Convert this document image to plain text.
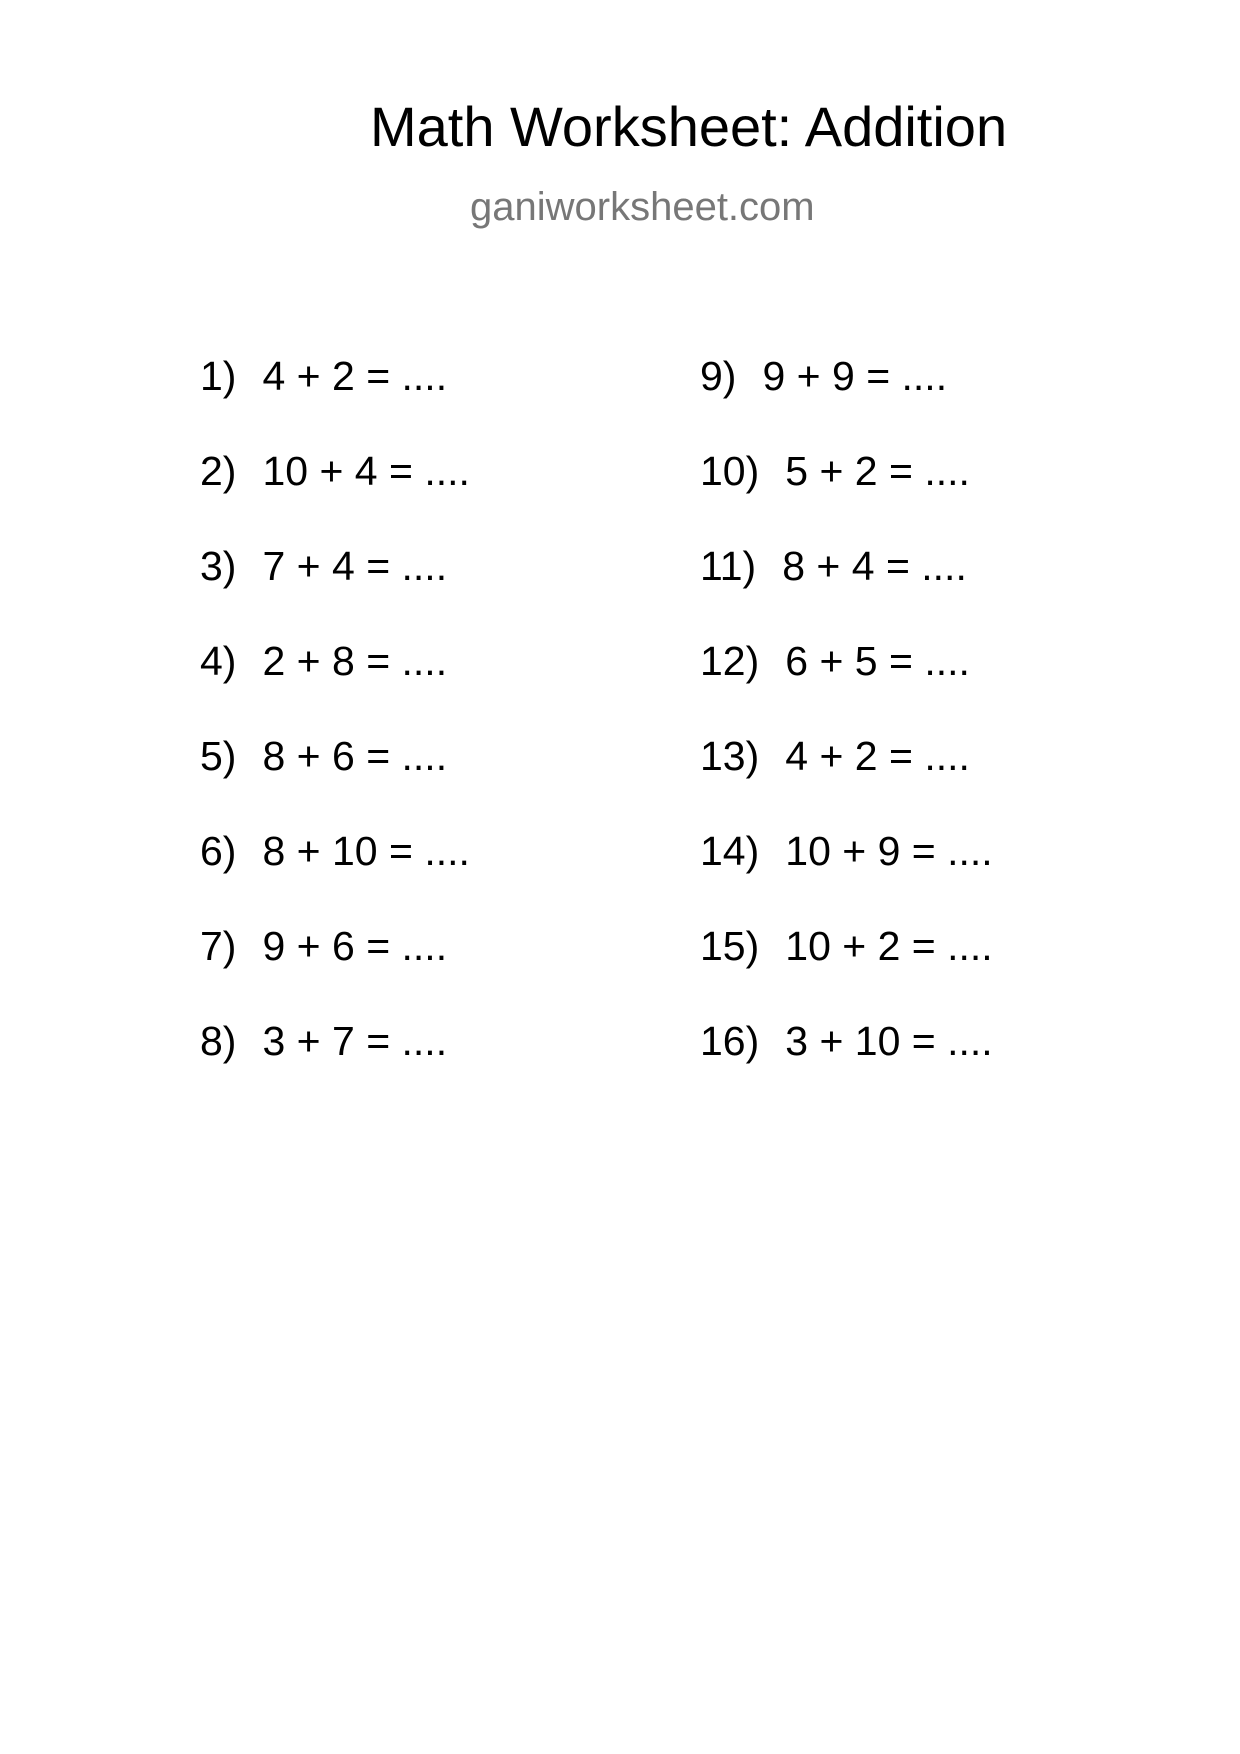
Math Worksheet: Addition
ganiworksheet.com
1) 4 + 2 = ....
2) 10 + 4 = ....
3) 7 + 4 = ....
4) 2 + 8 = ....
5) 8 + 6 = ....
6) 8 + 10 = ....
7) 9 + 6 = ....
8) 3 + 7 = ....
9) 9 + 9 = ....
10) 5 + 2 = ....
11) 8 + 4 = ....
12) 6 + 5 = ....
13) 4 + 2 = ....
14) 10 + 9 = ....
15) 10 + 2 = ....
16) 3 + 10 = ....
